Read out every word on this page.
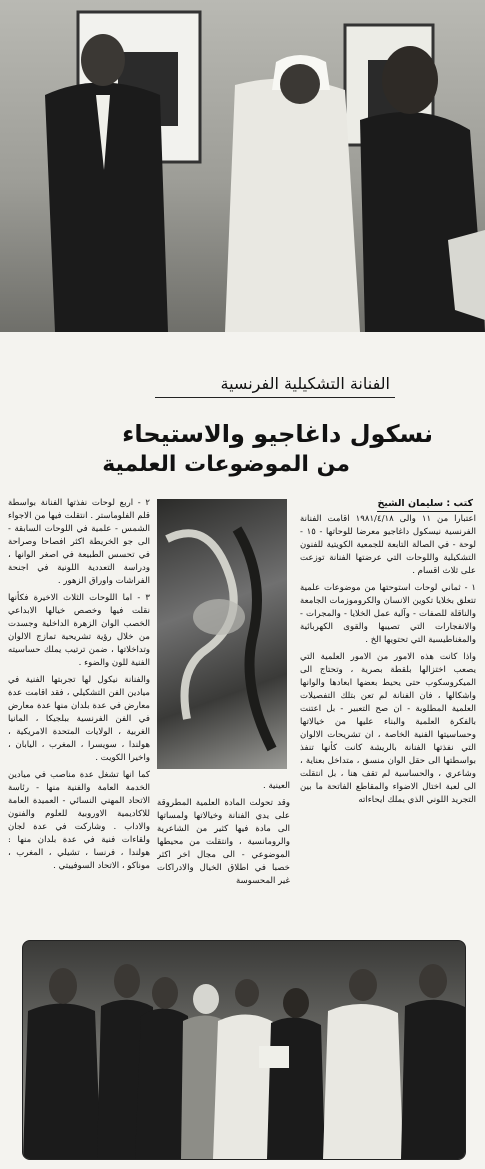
الفنانة التشكيلية الفرنسية
نسكول داغاجيو والاستيحاء
من الموضوعات العلمية
كتب : سليمان الشيخ

اعتبارا من ١١ والى ١٩٨١/٤/١٨ اقامت الفنانة الفرنسية نيسكول داغاجيو معرضا للوحاتها - ١٥ - لوحة - في الصالة التابعة للجمعية الكويتية للفنون التشكيلية واللوحات التي عرضتها الفنانة توزعت على ثلاث اقسام .

١ - ثماني لوحات استوحتها من موضوعات علمية تتعلق بخلايا تكوين الانسان والكروموزمات الجامعة والناقلة للصفات - وآلية عمل الخلايا - والمجرات - والانفجارات التي تصيبها والقوى الكهربائية والمغناطيسية التي تحتويها الخ .

واذا كانت هذه الامور من الامور العلمية التي يصعب اختزالها بلقطة بصرية ، وتحتاج الى الميكروسكوب حتى يحيط بعضها ابعادها والوانها واشكالها ، فان الفنانة لم تعن بتلك التفصيلات العلمية المطلوبة - ان صح التعبير - بل اعتنت بالفكرة العلمية والبناء عليها من خيالاتها وحساسيتها الفنية الخاصة ، ان تشريحات الالوان التي نفذتها الفنانة بالريشة كانت كأنها تنفذ بواسطتها الى حقل الوان منسق ، متداخل بعناية ، وشاعري ، والحساسية لم تقف هنا ، بل انتقلت الى لعبة اختال الاضواء والمقاطع الفاتحة ما بين التجريد اللوني الذي يملك ايحاءاته

العينية .

وقد تحولت المادة العلمية المطروقة على يدي الفنانة وخيالاتها ولمساتها الى مادة فيها كثير من الشاعرية والرومانسية ، وانتقلت من محيطها الموضوعي - الى مجال اخر اكثر خصبا في اطلاق الخيال والادراكات غير المحسوسة

٢ - اربع لوحات نفذتها الفنانة بواسطة قلم الفلوماستر . انتقلت فيها من الاجواء الشمس - علمية في اللوحات السابقة - الى جو الخريطة اكثر افصاحا وصراحة في تحسس الطبيعة في اصغر الوانها ، ودراسة التعددية اللونية في اجنحة الفراشات واوراق الزهور .

٣ - اما اللوحات الثلاث الاخيرة فكأنها نقلت فيها وخصص خيالها الابداعي الخصب الوان الزهرة الداخلية وجسدت من خلال رؤية تشريحية تمازج الالوان وتداخلاتها ، ضمن ترتيب يملك حساسيته الفنية للون والضوء .

والفنانة نيكول لها تجربتها الفنية في ميادين الفن التشكيلي ، فقد اقامت عدة معارض في عدة بلدان منها عدة معارض في الفن الفرنسية ببلجيكا ، المانيا الغربية ، الولايات المتحدة الامريكية ، هولندا ، سويسرا ، المغرب ، اليابان ، واخيرا الكويت .

كما انها تشغل عدة مناصب في ميادين الخدمة العامة والفنية منها - رئاسة الاتحاد المهني النسائي - العميدة العامة للاكاديمية الاوروبية للعلوم والفنون والاداب . وشاركت في عدة لجان ولقاءات فنية في عدة بلدان منها : هولندا ، فرنسا ، تشيلي ، المغرب ، موناكو ، الاتحاد السوفييتي .
